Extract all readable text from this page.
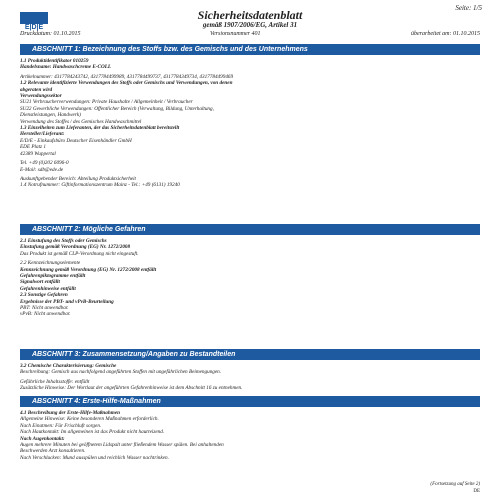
Seite: 1/5
E|D|E
Sicherheitsdatenblatt
gemäß 1907/2006/EG, Artikel 31
Druckdatum: 01.10.2015	Versionsnummer 401	überarbeitet am: 01.10.2015
ABSCHNITT 1: Bezeichnung des Stoffs bzw. des Gemischs und des Unternehmens
1.1 Produktidentifikator 010259
Handelsname: Handwaschcreme E-COLL
Artikelnummer: 4317784243742, 4317784499989, 4317784499737, 4317784349734, 4317784499469
1.2 Relevante identifizierte Verwendungen des Stoffs oder Gemischs und Verwendungen, von denen
abgeraten wird
Verwendungssektor
SU21 Verbraucherverwendungen: Private Haushalte / Allgemeinheit / Verbraucher
SU22 Gewerbliche Verwendungen: Öffentlicher Bereich (Verwaltung, Bildung, Unterhaltung,
Dienstleistungen, Handwerk)
Verwendung des Stoffes / des Gemisches Handwaschmittel
1.3 Einzelheiten zum Lieferanten, der das Sicherheitsdatenblatt bereitstellt
Hersteller/Lieferant:
E/D/E - Einkaufsbüro Deutscher Eisenhändler GmbH
EDE Platz 1
42389 Wuppertal
Tel. +49 (0)202 6096-0
E-Mail: sdb@ede.de
Auskunftgebender Bereich: Abteilung Produktsicherheit
1.4 Notrufnummer: Giftinformationszentrum Mainz - Tel.: +49 (6131) 19240
ABSCHNITT 2: Mögliche Gefahren
2.1 Einstufung des Stoffs oder Gemischs
Einstufung gemäß Verordnung (EG) Nr. 1272/2008
Das Produkt ist gemäß CLP-Verordnung nicht eingestuft.
2.2 Kennzeichnungselemente
Kennzeichnung gemäß Verordnung (EG) Nr. 1272/2008 entfällt
Gefahrenpiktogramme entfällt
Signalwort entfällt
Gefahrenhinweise entfällt
2.3 Sonstige Gefahren
Ergebnisse der PBT- und vPvB-Beurteilung
PBT: Nicht anwendbar.
vPvB: Nicht anwendbar.
ABSCHNITT 3: Zusammensetzung/Angaben zu Bestandteilen
3.2 Chemische Charakterisierung: Gemische
Beschreibung: Gemisch aus nachfolgend angeführten Stoffen mit ungefährlichen Beimengungen.
Gefährliche Inhaltsstoffe: entfällt
Zusätzliche Hinweise: Der Wortlaut der angeführten Gefahrenhinweise ist dem Abschnitt 16 zu entnehmen.
ABSCHNITT 4: Erste-Hilfe-Maßnahmen
4.1 Beschreibung der Erste-Hilfe-Maßnahmen
Allgemeine Hinweise: Keine besonderen Maßnahmen erforderlich.
Nach Einatmen: Für Frischluft sorgen.
Nach Hautkontakt: Im allgemeinen ist das Produkt nicht hautreizend.
Nach Augenkontakt:
Augen mehrere Minuten bei geöffnetem Lidspalt unter fließendem Wasser spülen. Bei anhaltenden
Beschwerden Arzt konsultieren.
Nach Verschlucken: Mund ausspülen und reichlich Wasser nachtrinken.
(Fortsetzung auf Seite 2)
DE
